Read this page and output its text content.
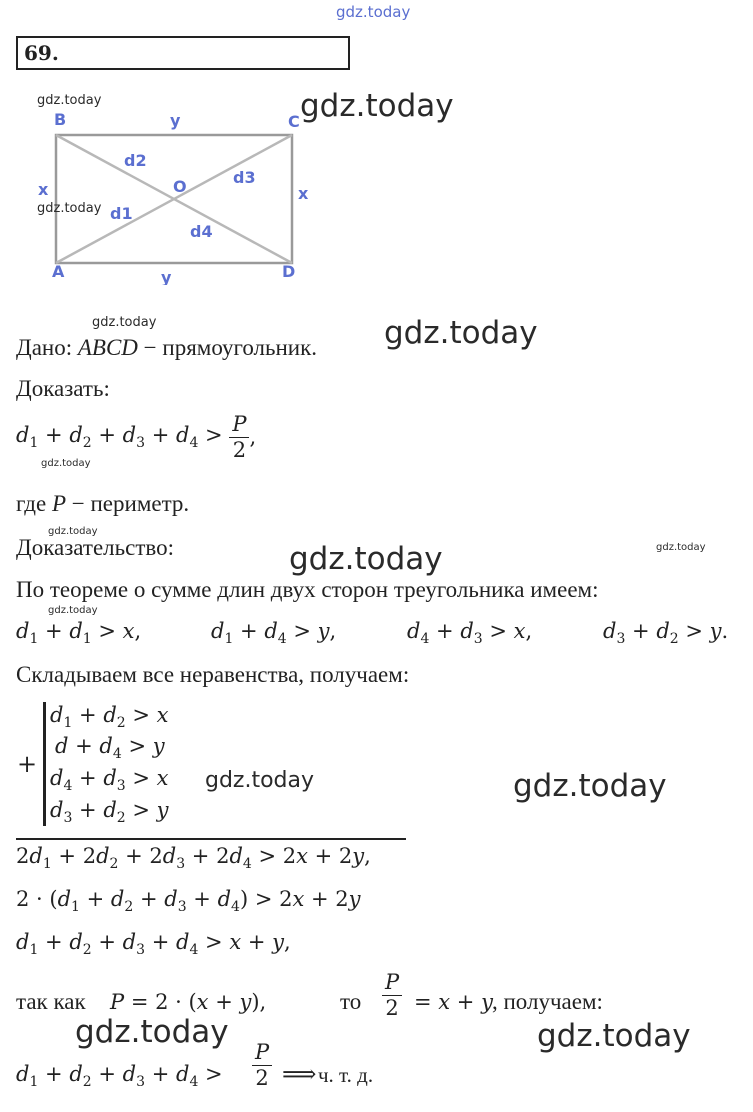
gdz.today
69.
B	C
A	D
O
y
y
x	x
d2
d3
d1
d4
gdz.today
gdz.today
gdz.today
gdz.today
Дано: ABCD − прямоугольник. gdz.today
Доказать:
$d_1 + d_2 + d_3 + d_4 > \frac{P}{2}$ ,
gdz.today
где P − периметр.
gdz.today
Доказательство:	gdz.today	gdz.today
По теореме о сумме длин двух сторон треугольника имеем:
gdz.today
$d_1 + d_1 > x$,	$d_1 + d_4 > y$,	$d_4 + d_3 > x$,	$d_3 + d_2 > y$.
Складываем все неравенства, получаем:
+
$d_1 + d_2 > x$
$d + d_4 > y$
$d_4 + d_3 > x$
$d_3 + d_2 > y$
gdz.today	gdz.today
$2d_1 + 2d_2 + 2d_3 + 2d_4 > 2x + 2y$,
$2 \cdot (d_1 + d_2 + d_3 + d_4) > 2x + 2y$
$d_1 + d_2 + d_3 + d_4 > x + y$,
так как P = 2 · (x + y),	то $\frac{P}{2} = x + y$ , получаем:
gdz.today	gdz.today
$d_1 + d_2 + d_3 + d_4 > \frac{P}{2}$ ⟹ ч. т. д.
